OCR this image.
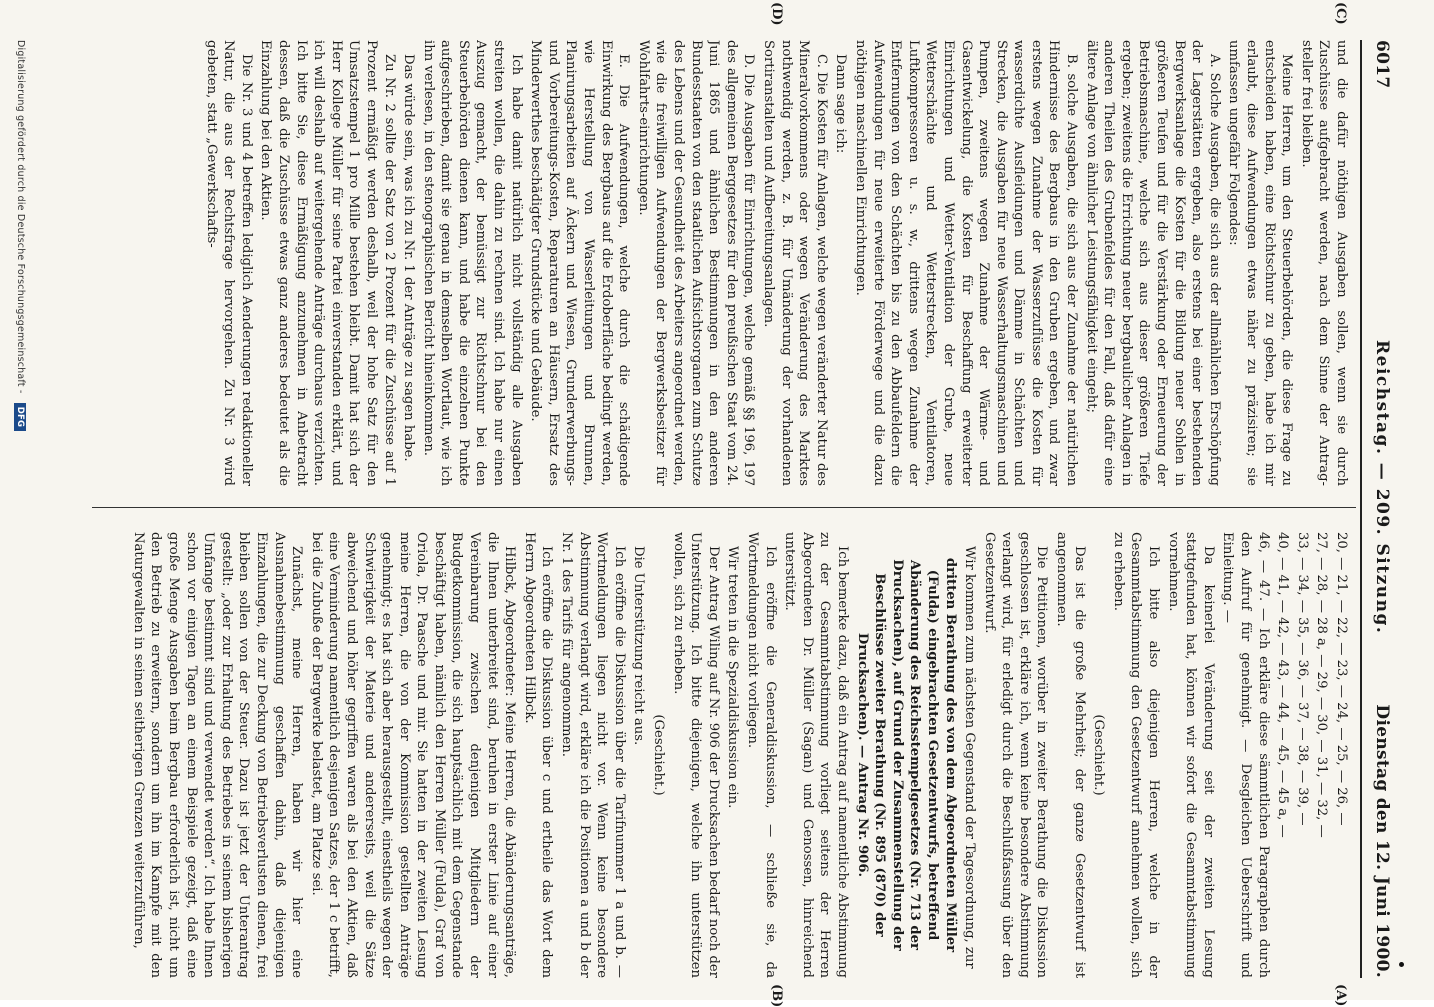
6017
Reichstag. — 209. Sitzung.
Dienstag den 12. Juni 1900.
(C)
(D)
(A)
(B)

und die dafür nöthigen Ausgaben sollen, wenn sie durch Zuschüsse aufgebracht werden, nach dem Sinne der Antrag-steller frei bleiben.

Meine Herren, um den Steuerbehörden, die diese Frage zu entscheiden haben, eine Richtschnur zu geben, habe ich mir erlaubt, diese Aufwendungen etwas näher zu präzisiren; sie umfassen ungefähr Folgendes:

A. Solche Ausgaben, die sich aus der allmählichen Erschöpfung der Lagerstätten ergeben, also erstens bei einer bestehenden Bergwerksanlage die Kosten für die Bildung neuer Sohlen in größeren Teufen und für die Verstärkung oder Erneuerung der Betriebsmaschine, welche sich aus dieser größeren Tiefe ergeben; zweitens die Errichtung neuer bergbaulicher Anlagen in anderen Theilen des Grubenfeldes für den Fall, daß dafür eine ältere Anlage von ähnlicher Leistungsfähigkeit eingeht;

B. solche Ausgaben, die sich aus der Zunahme der natürlichen Hindernisse des Bergbaus in den Gruben ergeben, und zwar erstens wegen Zunahme der Wasserzuflüsse die Kosten für wasserdichte Ausfleidungen und Dämme in Schächten und Strecken, die Ausgaben für neue Wasserhaltungsmaschinen und Pumpen, zweitens wegen Zunahme der Wärme- und Gasentwickelung, die Kosten für Beschaffung erweiterter Einrichtungen und Wetter-Ventilation der Grube, neue Wetterschächte und Wetterstrecken, Ventilatoren, Luftkompressoren u. s. w., drittens wegen Zunahme der Entfernungen von den Schächten bis zu den Abbaufeldern die Aufwendungen für neue erweiterte Förderwege und die dazu nöthigen maschinellen Einrichtungen.

Dann sage ich:

C. Die Kosten für Anlagen, welche wegen veränderter Natur des Mineralvorkommens oder wegen Veränderung des Marktes nothwendig werden, z. B. für Umänderung der vorhandenen Sortiranstalten und Aufbereitungsanlagen.

D. Die Ausgaben für Einrichtungen, welche gemäß §§ 196, 197 des allgemeinen Berggesetzes für den preußischen Staat vom 24. Juni 1865 und ähnlichen Bestimmungen in den anderen Bundesstaaten von den staatlichen Aufsichtsorganen zum Schutze des Lebens und der Gesundheit des Arbeiters angeordnet werden, wie die freiwilligen Aufwendungen der Bergwerksbesitzer für Wohlfahrts-einrichtungen.

E. Die Aufwendungen, welche durch die schädigende Einwirkung des Bergbaus auf die Erdoberfläche bedingt werden, wie Herstellung von Wasserleitungen und Brunnen, Planirungsarbeiten auf Äckern und Wiesen, Grunderwerbungs- und Vorbereitungs-Kosten, Reparaturen an Häusern, Ersatz des Minderwerthes beschädigter Grundstücke und Gebäude.

Ich habe damit natürlich nicht vollständig alle Ausgaben streiten wollen, die dahin zu rechnen sind. Ich habe nur einen Auszug gemacht, der bemüssigt zur Richtschnur bei den Steuerbehörden dienen kann, und habe die einzelnen Punkte aufgeschrieben, damit sie genau in demselben Wortlaut, wie ich ihn verlesen, in den stenographischen Bericht hineinkommen.

Das würde sein, was ich zu Nr. 1 der Anträge zu sagen habe.

Zu Nr. 2 sollte der Satz von 2 Prozent für die Zuschüsse auf 1 Prozent ermäßigt werden deshalb, weil der hohe Satz für den Umsatzstempel 1 pro Mille bestehen bleibt. Damit hat sich der Herr Kollege Müller für seine Partei einverstanden erklärt, und ich will deshalb auf weitergehende Anträge durchaus verzichten. Ich bitte Sie, diese Ermäßigung anzunehmen in Anbetracht dessen, daß die Zuschüsse etwas ganz anderes bedeutet als die Einzahlung bei den Aktien.

Die Nr. 3 und 4 betreffen lediglich Aenderungen redaktioneller Natur, die aus der Rechtsfrage hervorgehen. Zu Nr. 3 wird gebeten, statt „Gewerkschafts-

20, — 21, — 22, — 23, — 24, — 25, — 26, —

27, — 28, — 28 a, — 29, — 30, — 31, — 32, —

33, — 34, — 35, — 36, — 37, — 38, — 39, —

40, — 41, — 42, — 43, — 44, — 45, — 45 a, —

46, — 47. — Ich erkläre diese sämmtlichen Paragraphen durch den Aufruf für genehmigt. — Desgleichen Ueberschrift und Einleitung. —

Da keinerlei Veränderung seit der zweiten Lesung stattgefunden hat, können wir sofort die Gesammtabstimmung vornehmen.

Ich bitte also diejenigen Herren, welche in der Gesammtabstimmung den Gesetzentwurf annehmen wollen, sich zu erheben.

(Geschieht.)

Das ist die große Mehrheit; der ganze Gesetzentwurf ist angenommen.

Die Petitionen, worüber in zweiter Berathung die Diskussion geschlossen ist, erkläre ich, wenn keine besondere Abstimmung verlangt wird, für erledigt durch die Beschlußfassung über den Gesetzentwurf.

Wir kommen zum nächsten Gegenstand der Tagesordnung, zur

dritten Berathung des von dem Abgeordneten Müller (Fulda) eingebrachten Gesetzentwurfs, betreffend Abänderung des Reichsstempelgesetzes (Nr. 713 der Drucksachen), auf Grund der Zusammenstellung der Beschlüsse zweiter Berathung (Nr. 895 (870) der Drucksachen). — Antrag Nr. 906.

Ich bemerke dazu, daß ein Antrag auf namentliche Abstimmung zu der Gesammtabstimmung vorliegt seitens der Herren Abgeordneten Dr. Müller (Sagan) und Genossen, hinreichend unterstützt.

Ich eröffne die Generaldiskussion, — schließe sie, da Wortmeldungen nicht vorliegen.

Wir treten in die Spezialdiskussion ein.

Der Antrag Wiling auf Nr. 906 der Drucksachen bedarf noch der Unterstützung. Ich bitte diejenigen, welche ihn unterstützen wollen, sich zu erheben.

(Geschieht.)

Die Unterstützung reicht aus.

Ich eröffne die Diskussion über die Tarifnummer 1 a und b. — Wortmeldungen liegen nicht vor. Wenn keine besondere Abstimmung verlangt wird, erkläre ich die Positionen a und b der Nr. 1 des Tarifs für angenommen.

Ich eröffne die Diskussion über c und ertheile das Wort dem Herrn Abgeordneten Hilbck.

Hilbck, Abgeordneter: Meine Herren, die Abänderungsanträge, die Ihnen unterbreitet sind, beruhen in erster Linie auf einer Vereinbarung zwischen denjenigen Mitgliedern der Budgetkommission, die sich hauptsächlich mit dem Gegenstande beschäftigt haben, nämlich den Herren Müller (Fulda), Graf von Oriola, Dr. Paasche und mir. Sie hatten in der zweiten Lesung meine Herren, die von der Kommission gestellten Anträge genehmigt; es hat sich aber herausgestellt, einestheils wegen der Schwierigkeit der Materie und andererseits, weil die Sätze abweichend und höher gegriffen waren als bei den Aktien, daß eine Verminderung namentlich desjenigen Satzes, der 1 c betrifft, bei die Zubuße der Bergwerke belastet, am Platze sei.

Zunächst, meine Herren, haben wir hier eine Ausnahmebestimmung geschaffen dahin, daß diejenigen Einzahlungen, die zur Deckung von Betriebsverlusten dienen, frei bleiben sollen von der Steuer. Dazu ist jetzt der Unterantrag gestellt: „oder zur Erhaltung des Betriebes in seinem bisherigen Umfange bestimmt sind und verwendet werden“. Ich habe Ihnen schon vor einigen Tagen an einem Beispiele gezeigt, daß eine große Menge Ausgaben beim Bergbau erforderlich ist, nicht um den Betrieb zu erweitern, sondern um ihn im Kampfe mit den Naturgewalten in seinen seitherigen Grenzen weiterzuführen,

Digitalisierung gefördert durch die Deutsche Forschungsgemeinschaft - DFG
